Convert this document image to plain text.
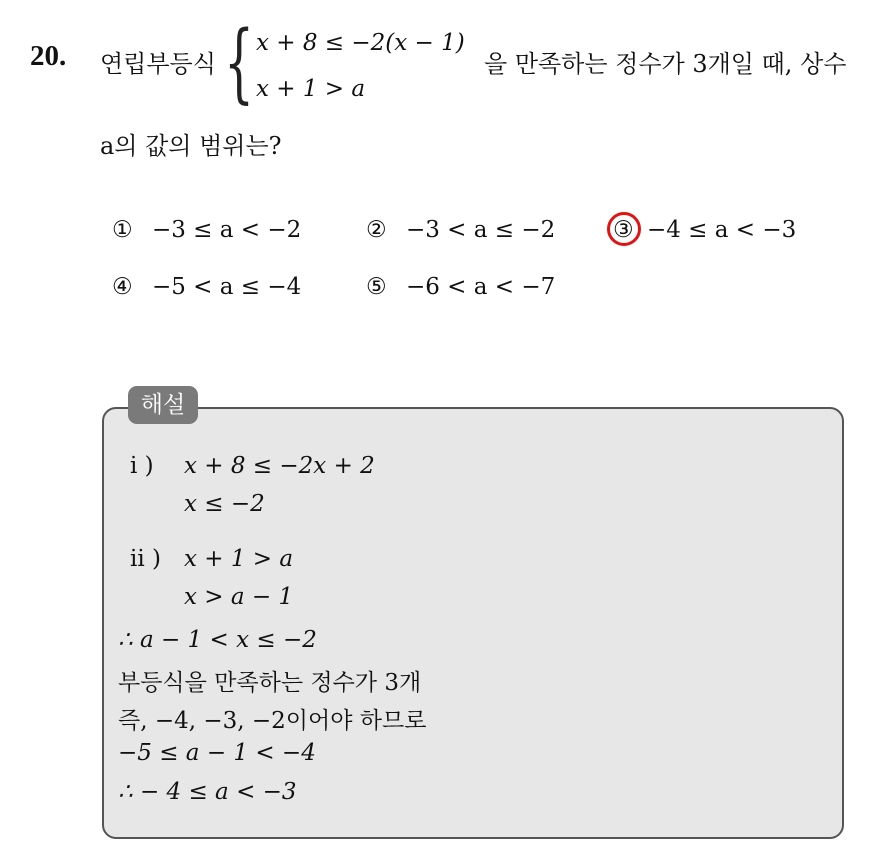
20. 연립부등식 { x + 8 ≤ −2(x − 1)
x + 1 > a
을 만족하는 정수가 3개일 때, 상수
a의 값의 범위는?
① −3 ≤ a < −2	② −3 < a ≤ −2	③ −4 ≤ a < −3
④ −5 < a ≤ −4	⑤ −6 < a < −7
해설
i ) x + 8 ≤ −2x + 2
x ≤ −2
ii ) x + 1 > a
x > a − 1
∴ a − 1 < x ≤ −2
부등식을 만족하는 정수가 3개
즉, −4, −3, −2이어야 하므로
−5 ≤ a − 1 < −4
∴ − 4 ≤ a < −3
